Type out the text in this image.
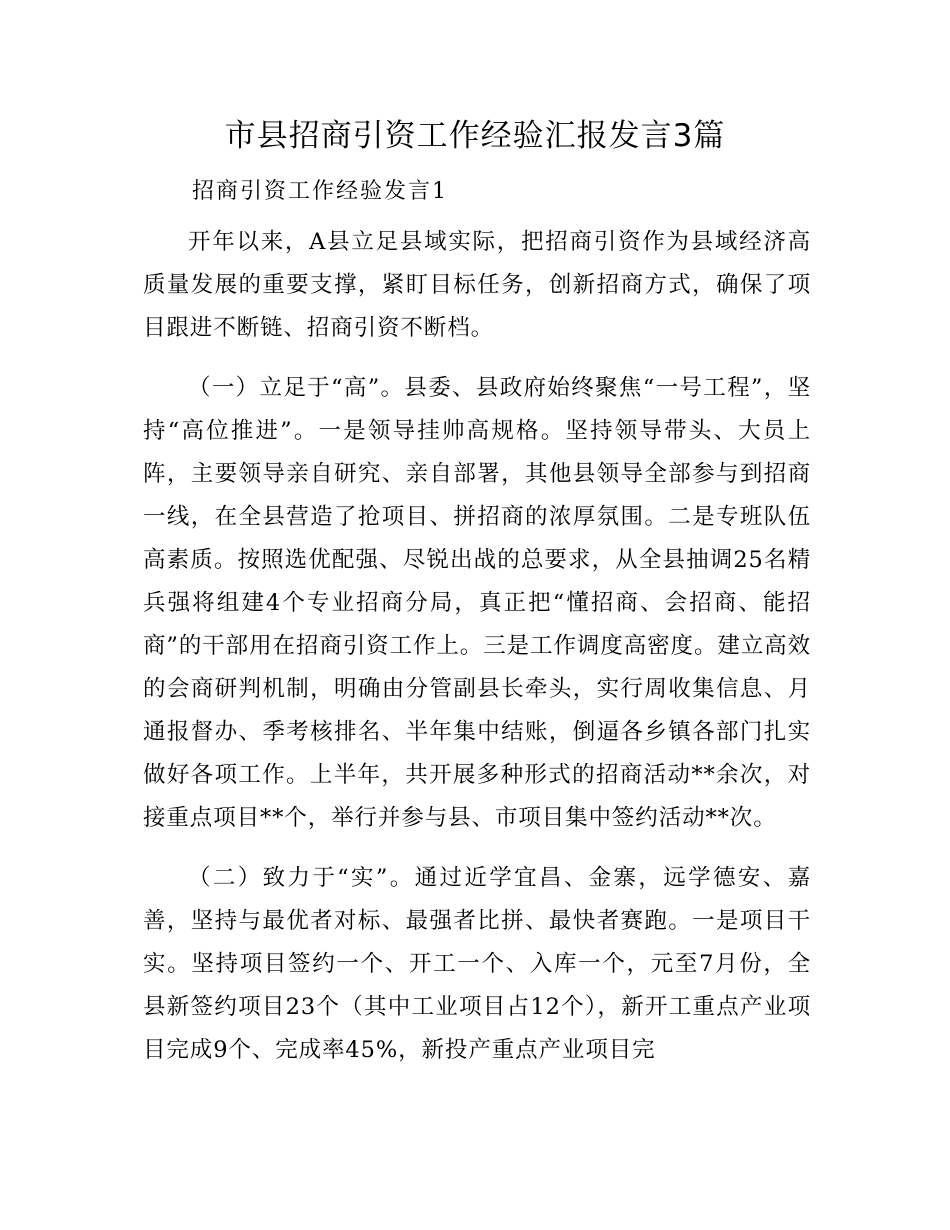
市县招商引资工作经验汇报发言3篇

招商引资工作经验发言1

开年以来，A县立足县域实际，把招商引资作为县域经济高质量发展的重要支撑，紧盯目标任务，创新招商方式，确保了项目跟进不断链、招商引资不断档。

（一）立足于“高”。县委、县政府始终聚焦“一号工程”，坚持“高位推进”。一是领导挂帅高规格。坚持领导带头、大员上阵，主要领导亲自研究、亲自部署，其他县领导全部参与到招商一线，在全县营造了抢项目、拼招商的浓厚氛围。二是专班队伍高素质。按照选优配强、尽锐出战的总要求，从全县抽调25名精兵强将组建4个专业招商分局，真正把“懂招商、会招商、能招商”的干部用在招商引资工作上。三是工作调度高密度。建立高效的会商研判机制，明确由分管副县长牵头，实行周收集信息、月通报督办、季考核排名、半年集中结账，倒逼各乡镇各部门扎实做好各项工作。上半年，共开展多种形式的招商活动**余次，对接重点项目**个，举行并参与县、市项目集中签约活动**次。

（二）致力于“实”。通过近学宜昌、金寨，远学德安、嘉善，坚持与最优者对标、最强者比拼、最快者赛跑。一是项目干实。坚持项目签约一个、开工一个、入库一个，元至7月份，全县新签约项目23个（其中工业项目占12个），新开工重点产业项目完成9个、完成率45%，新投产重点产业项目完
